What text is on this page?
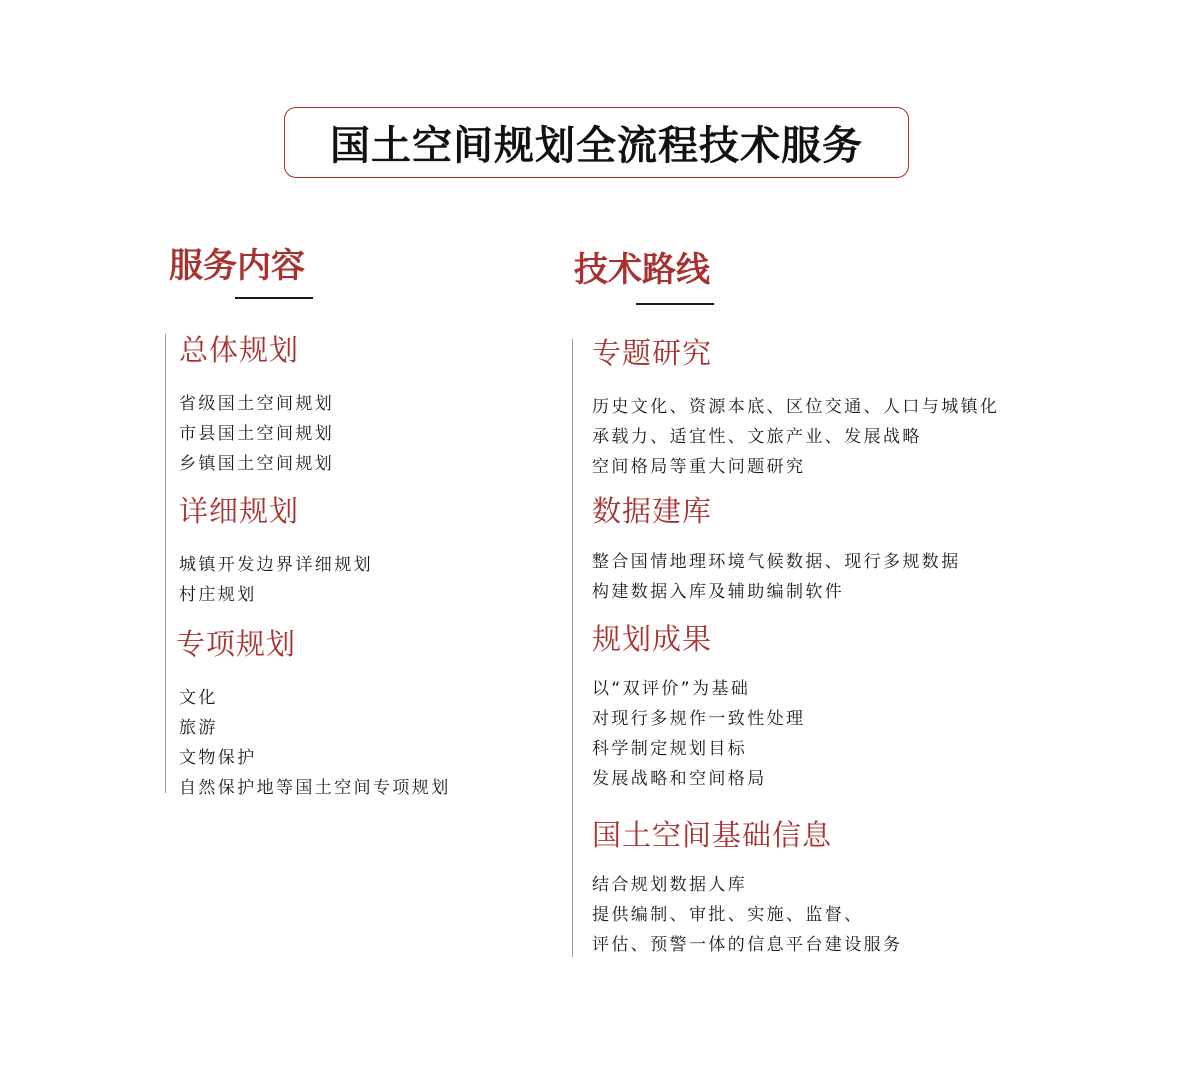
国土空间规划全流程技术服务
服务内容
总体规划
省级国土空间规划
市县国土空间规划
乡镇国土空间规划
详细规划
城镇开发边界详细规划
村庄规划
专项规划
文化
旅游
文物保护
自然保护地等国土空间专项规划
技术路线
专题研究
历史文化、资源本底、区位交通、人口与城镇化
承载力、适宜性、文旅产业、发展战略
空间格局等重大问题研究
数据建库
整合国情地理环境气候数据、现行多规数据
构建数据入库及辅助编制软件
规划成果
以“双评价”为基础
对现行多规作一致性处理
科学制定规划目标
发展战略和空间格局
国土空间基础信息
结合规划数据人库
提供编制、审批、实施、监督、
评估、预警一体的信息平台建设服务
